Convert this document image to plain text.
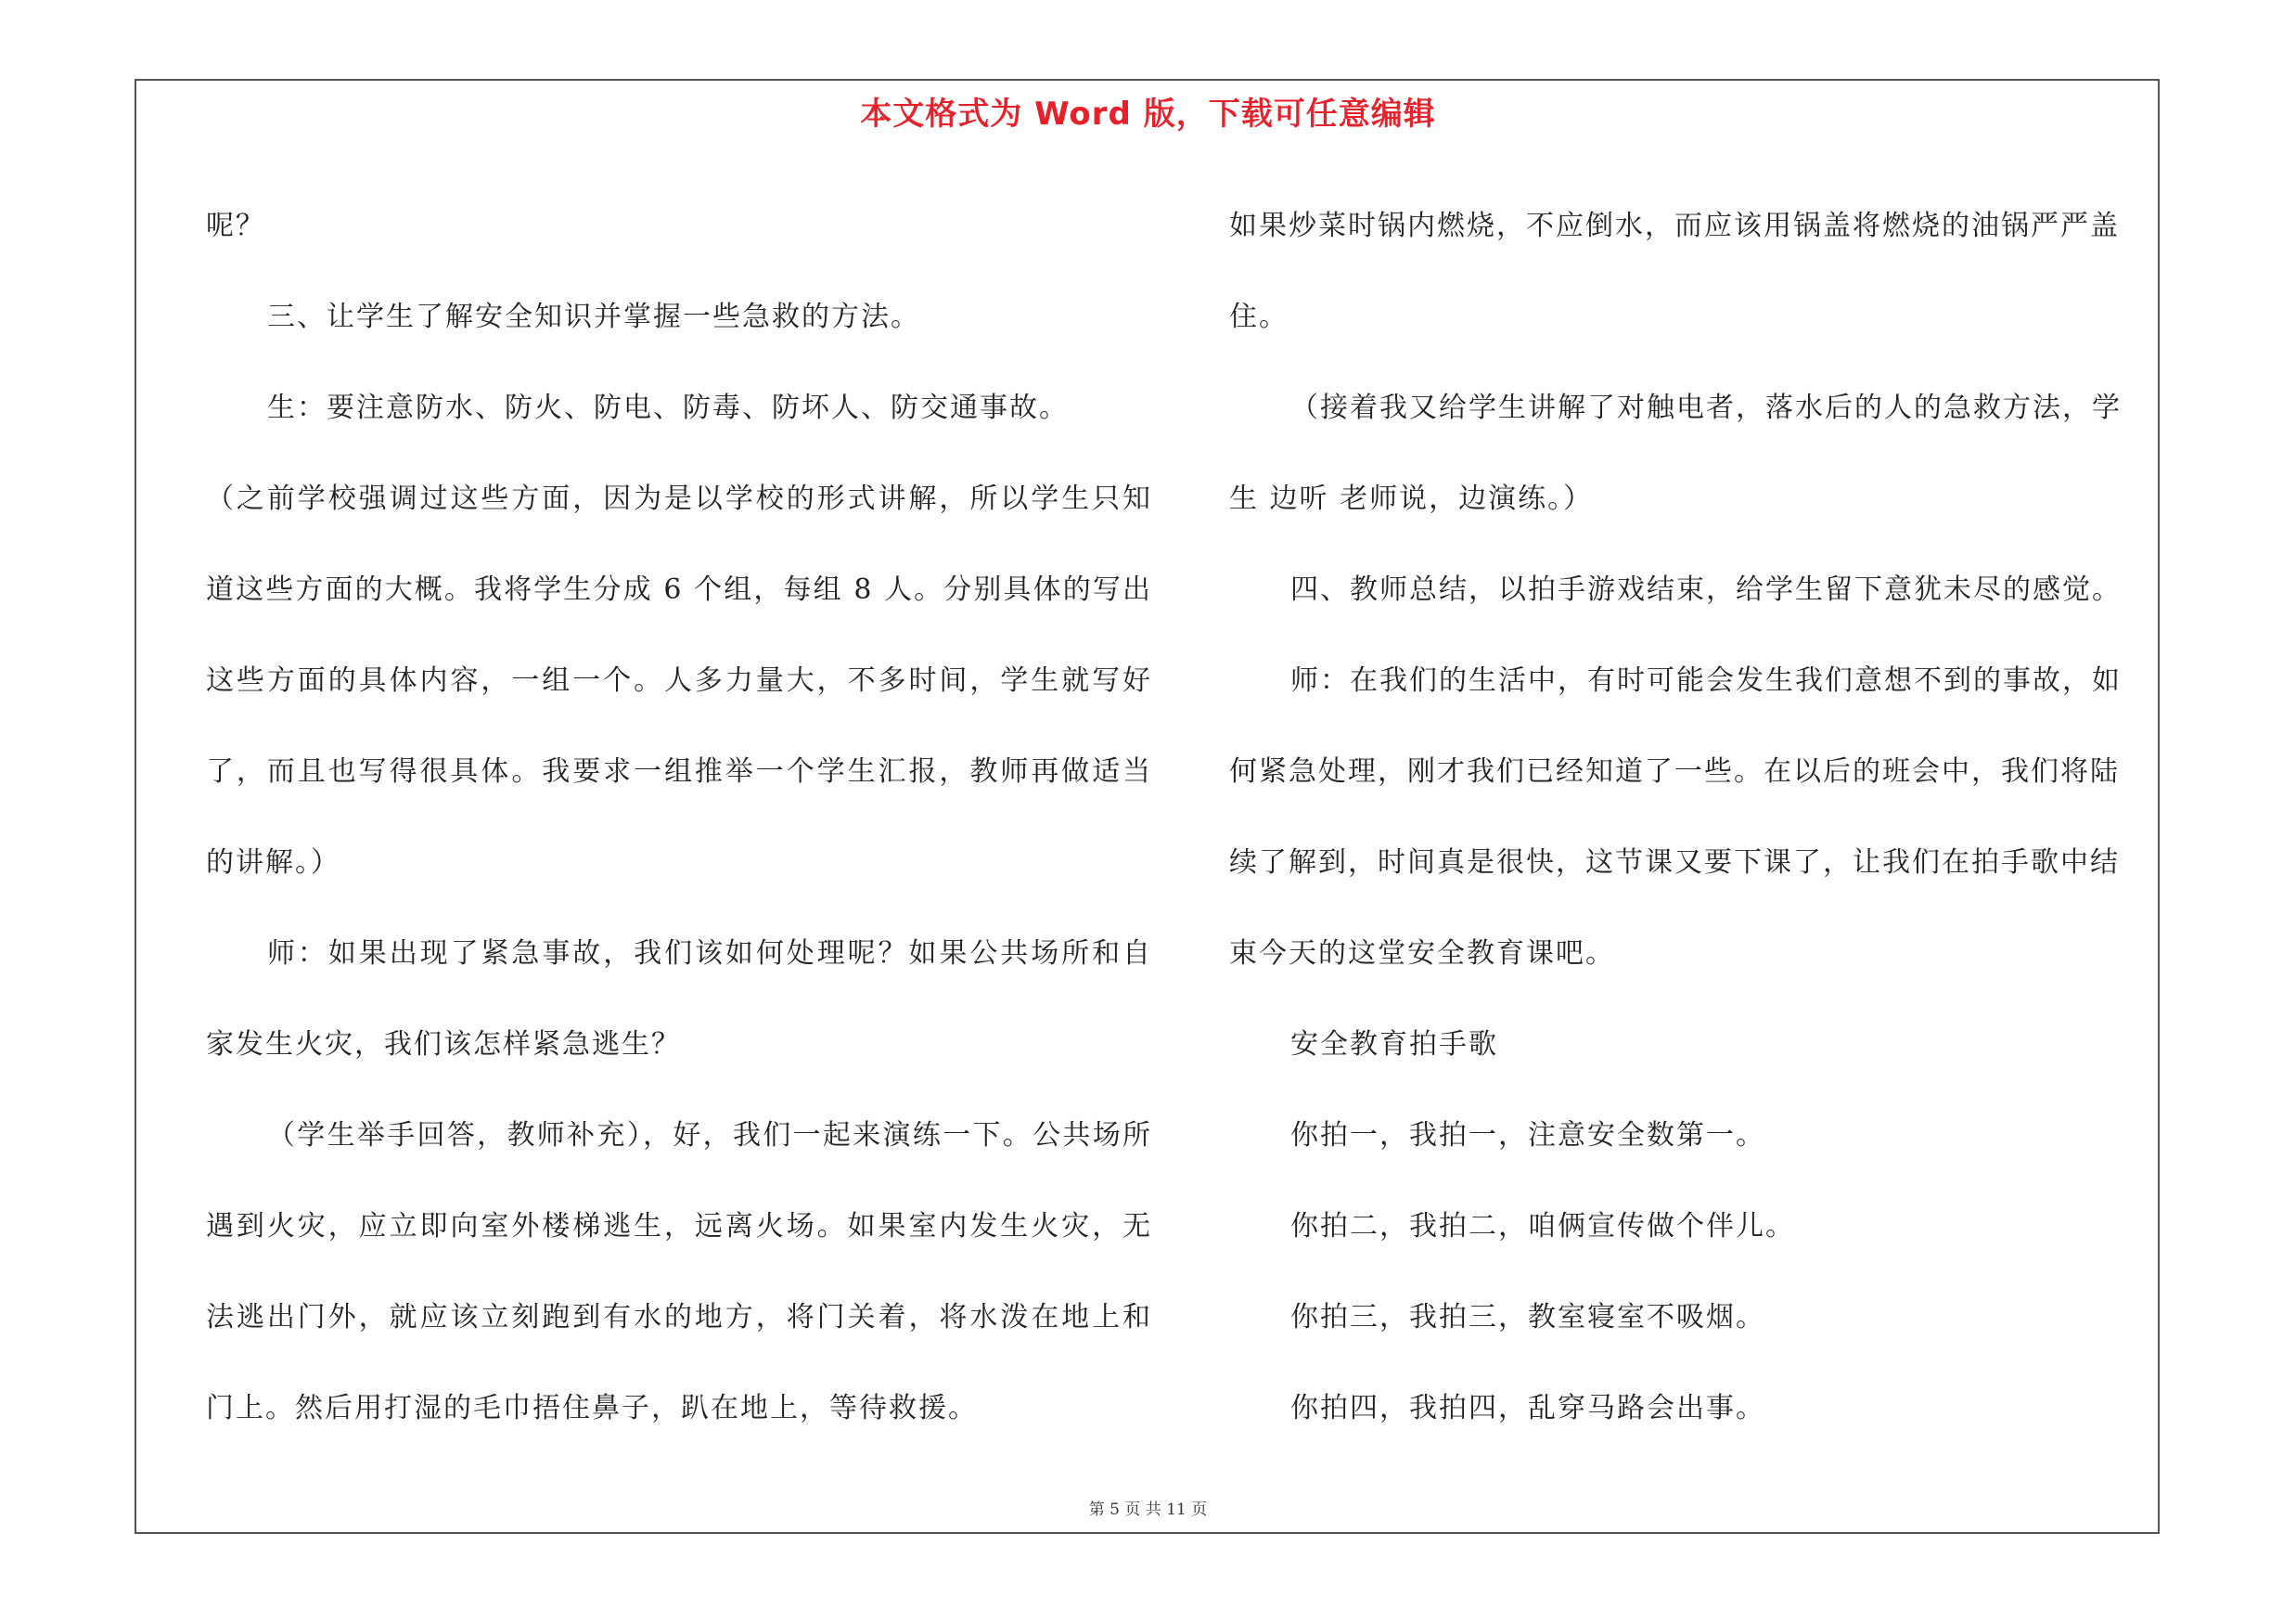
本文格式为 Word 版，下载可任意编辑

呢？

三、让学生了解安全知识并掌握一些急救的方法。

生：要注意防水、防火、防电、防毒、防坏人、防交通事故。

（之前学校强调过这些方面，因为是以学校的形式讲解，所以学生只知道这些方面的大概。我将学生分成 6 个组，每组 8 人。分别具体的写出这些方面的具体内容，一组一个。人多力量大，不多时间，学生就写好了，而且也写得很具体。我要求一组推举一个学生汇报，教师再做适当的讲解。）

师：如果出现了紧急事故，我们该如何处理呢？如果公共场所和自家发生火灾，我们该怎样紧急逃生？

（学生举手回答，教师补充），好，我们一起来演练一下。公共场所遇到火灾，应立即向室外楼梯逃生，远离火场。如果室内发生火灾，无法逃出门外，就应该立刻跑到有水的地方，将门关着，将水泼在地上和门上。然后用打湿的毛巾捂住鼻子，趴在地上，等待救援。

如果炒菜时锅内燃烧，不应倒水，而应该用锅盖将燃烧的油锅严严盖

住。

（接着我又给学生讲解了对触电者，落水后的人的急救方法，学

生 边听 老师说，边演练。）

四、教师总结，以拍手游戏结束，给学生留下意犹未尽的感觉。

师：在我们的生活中，有时可能会发生我们意想不到的事故，如

何紧急处理，刚才我们已经知道了一些。在以后的班会中，我们将陆

续了解到，时间真是很快，这节课又要下课了，让我们在拍手歌中结

束今天的这堂安全教育课吧。

安全教育拍手歌

你拍一，我拍一，注意安全数第一。

你拍二，我拍二，咱俩宣传做个伴儿。

你拍三，我拍三，教室寝室不吸烟。

你拍四，我拍四，乱穿马路会出事。

第 5 页 共 11 页
